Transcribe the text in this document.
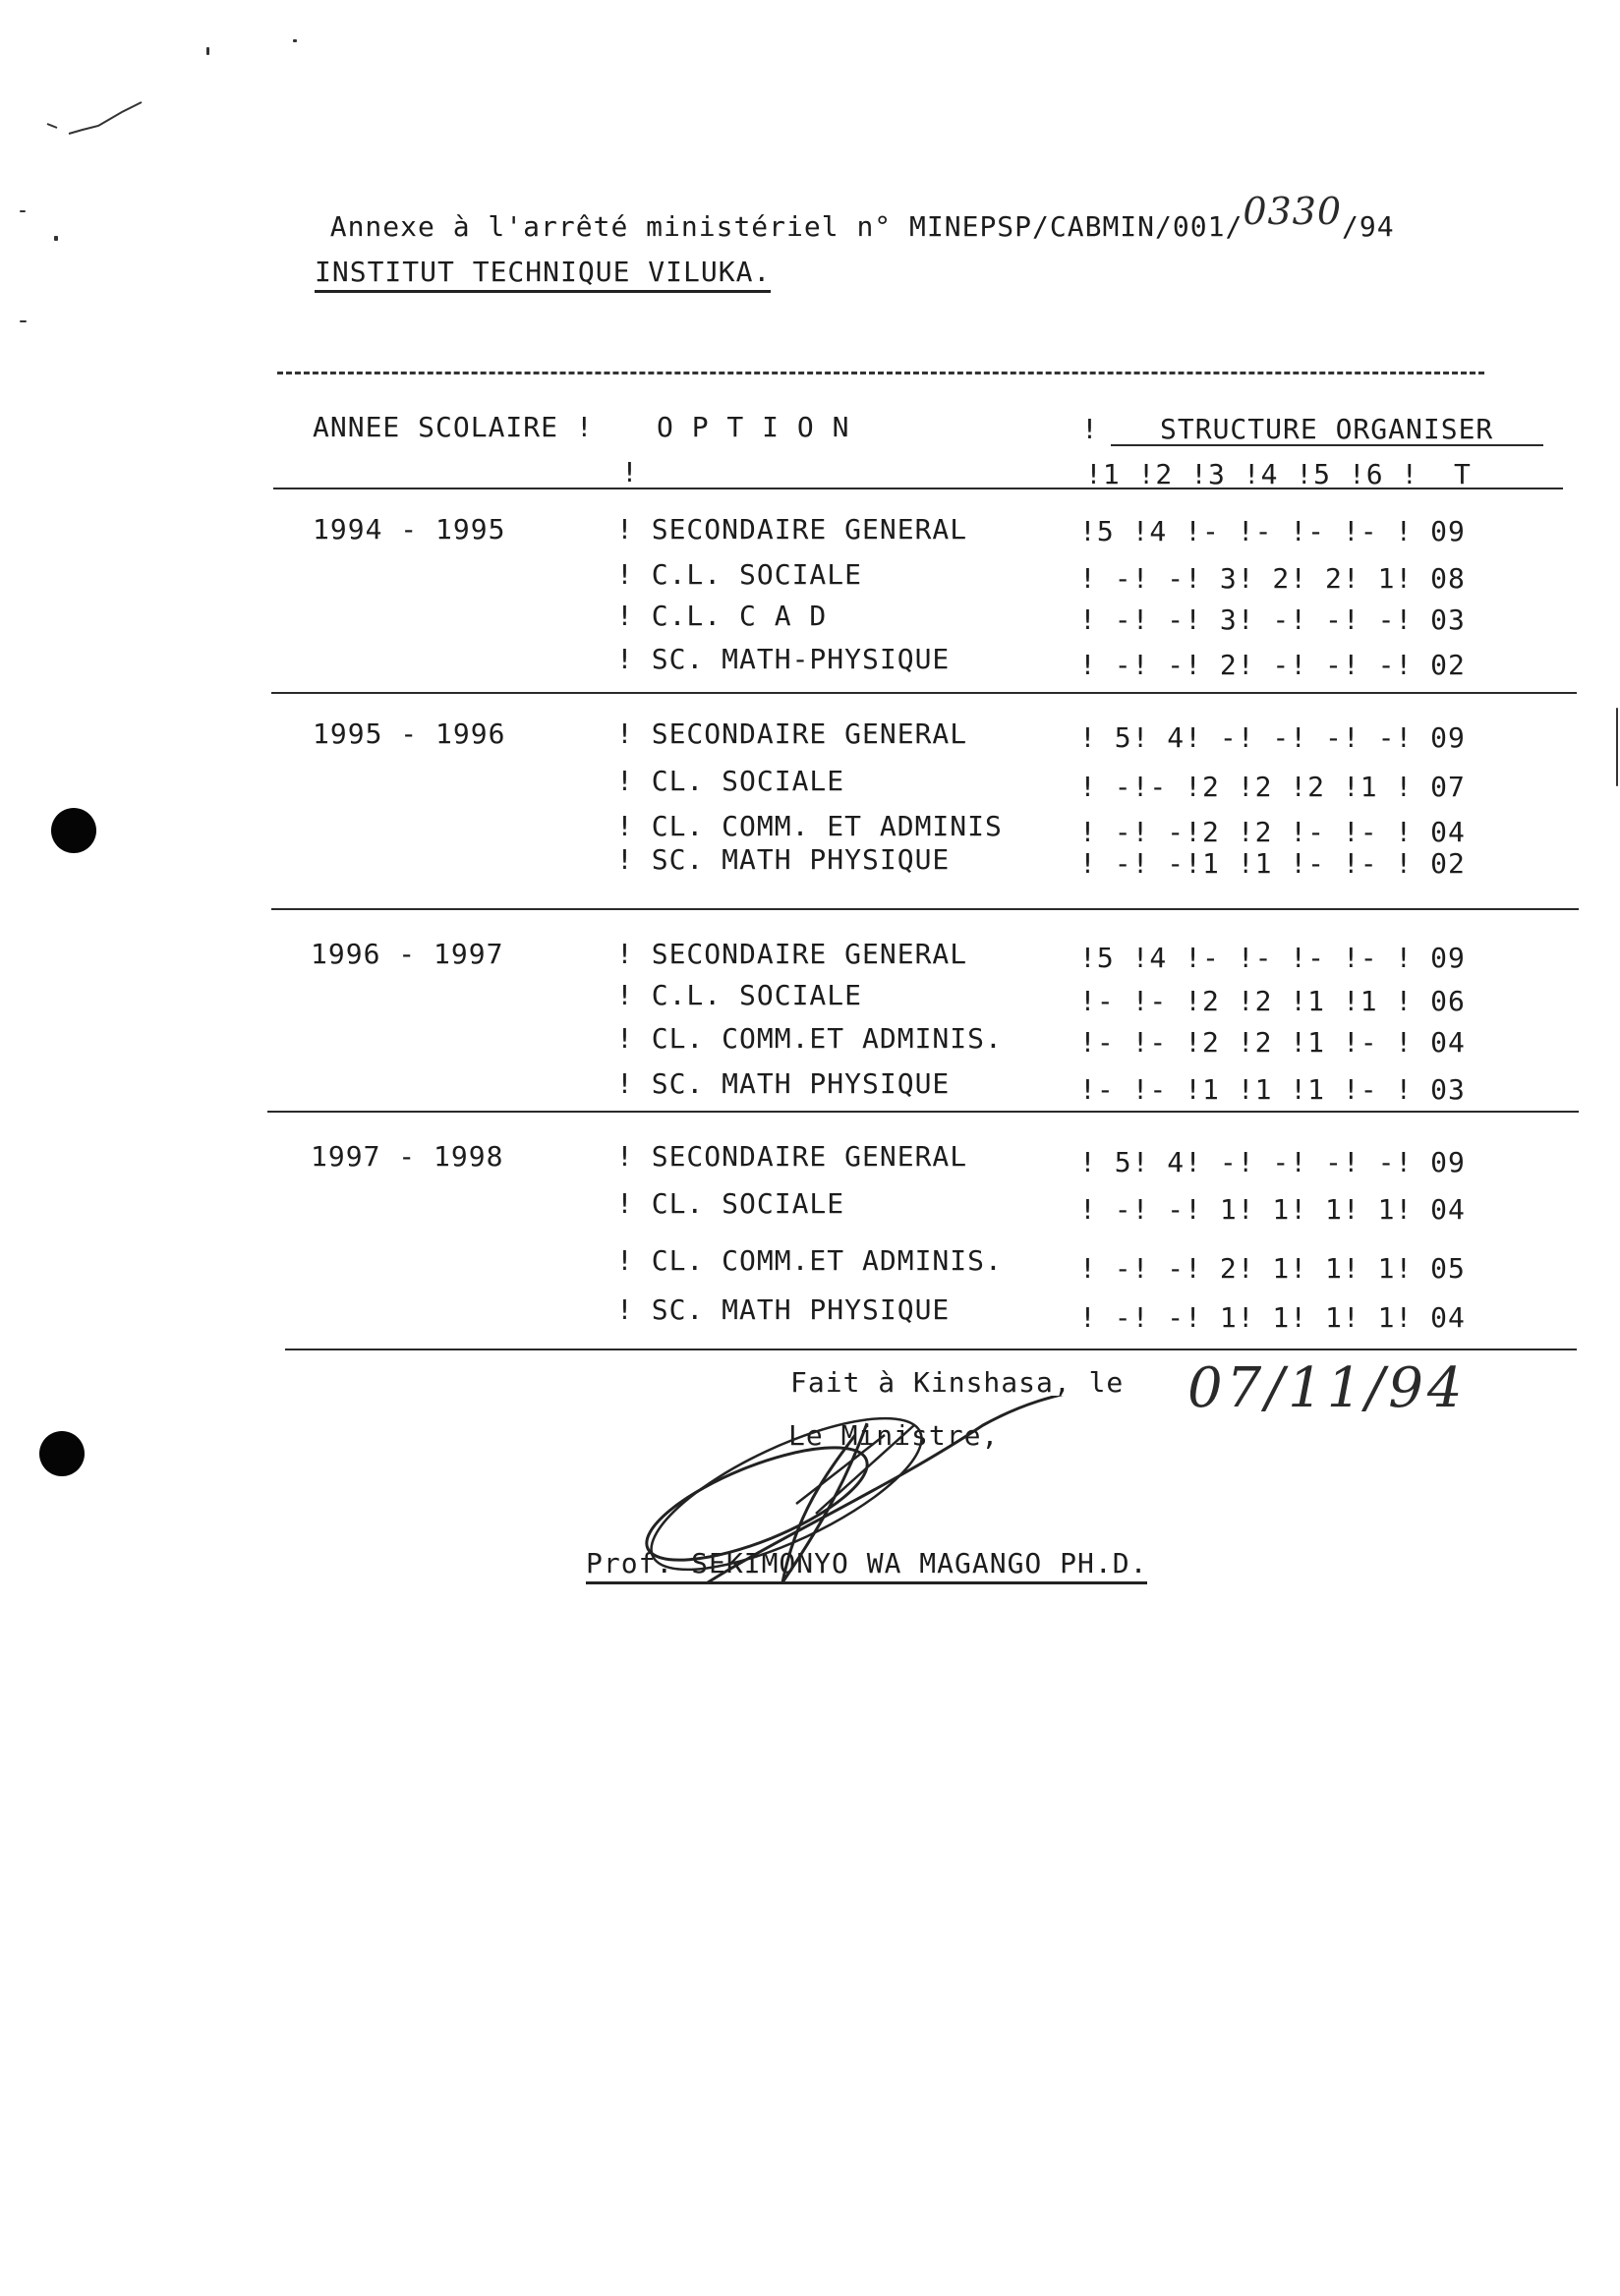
Annexe à l'arrêté ministériel n° MINEPSP/CABMIN/001/0330/94

INSTITUT TECHNIQUE VILUKA.
ANNEE SCOLAIRE ! O P T I O N	! STRUCTURE ORGANISER
!	!1 !2 !3 !4 !5 !6 !  T
1994 - 1995	! SECONDAIRE GENERAL	!5 !4 !- !- !- !- ! 09
! C.L. SOCIALE	! -! -! 3! 2! 2! 1! 08
! C.L. C A D	! -! -! 3! -! -! -! 03
! SC. MATH-PHYSIQUE	! -! -! 2! -! -! -! 02
1995 - 1996	! SECONDAIRE GENERAL	! 5! 4! -! -! -! -! 09
! CL. SOCIALE	! -!- !2 !2 !2 !1 ! 07
! CL. COMM. ET ADMINIS	! -! -!2 !2 !- !- ! 04
! SC. MATH PHYSIQUE	! -! -!1 !1 !- !- ! 02
1996 - 1997	! SECONDAIRE GENERAL	!5 !4 !- !- !- !- ! 09
! C.L. SOCIALE	!- !- !2 !2 !1 !1 ! 06
! CL. COMM.ET ADMINIS.	!- !- !2 !2 !1 !- ! 04
! SC. MATH PHYSIQUE	!- !- !1 !1 !1 !- ! 03
1997 - 1998	! SECONDAIRE GENERAL	! 5! 4! -! -! -! -! 09
! CL. SOCIALE	! -! -! 1! 1! 1! 1! 04
! CL. COMM.ET ADMINIS.	! -! -! 2! 1! 1! 1! 05
! SC. MATH PHYSIQUE	! -! -! 1! 1! 1! 1! 04
Fait à Kinshasa, le 07/11/94
Le Ministre,
Prof. SEKIMONYO WA MAGANGO PH.D.
